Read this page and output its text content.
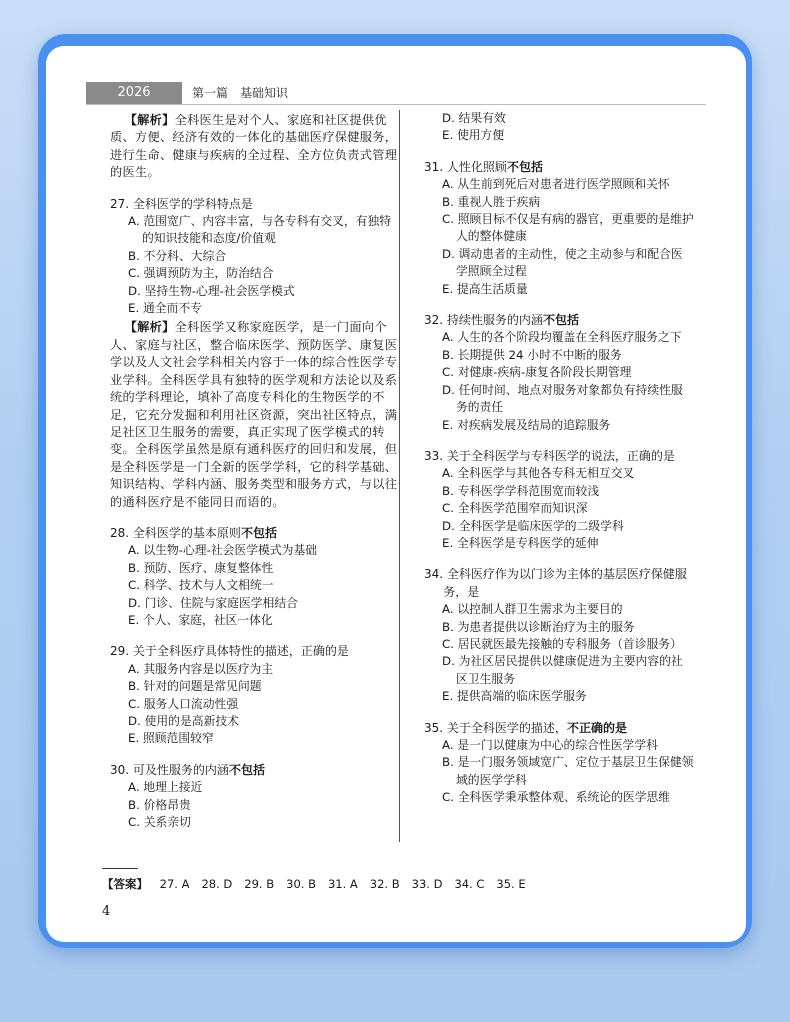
2026	第一篇　基础知识
【解析】全科医生是对个人、家庭和社区提供优质、方便、经济有效的一体化的基础医疗保健服务，进行生命、健康与疾病的全过程、全方位负责式管理的医生。
27. 全科医学的学科特点是
A. 范围宽广、内容丰富，与各专科有交叉，有独特的知识技能和态度/价值观
B. 不分科、大综合
C. 强调预防为主，防治结合
D. 坚持生物-心理-社会医学模式
E. 通全而不专
【解析】全科医学又称家庭医学，是一门面向个人、家庭与社区，整合临床医学、预防医学、康复医学以及人文社会学科相关内容于一体的综合性医学专业学科。全科医学具有独特的医学观和方法论以及系统的学科理论，填补了高度专科化的生物医学的不足，它充分发掘和利用社区资源，突出社区特点，满足社区卫生服务的需要，真正实现了医学模式的转变。全科医学虽然是原有通科医疗的回归和发展，但是全科医学是一门全新的医学学科，它的科学基础、知识结构、学科内涵、服务类型和服务方式，与以往的通科医疗是不能同日而语的。
28. 全科医学的基本原则不包括
A. 以生物-心理-社会医学模式为基础
B. 预防、医疗、康复整体性
C. 科学、技术与人文相统一
D. 门诊、住院与家庭医学相结合
E. 个人、家庭，社区一体化
29. 关于全科医疗具体特性的描述，正确的是
A. 其服务内容是以医疗为主
B. 针对的问题是常见问题
C. 服务人口流动性强
D. 使用的是高新技术
E. 照顾范围较窄
30. 可及性服务的内涵不包括
A. 地理上接近
B. 价格昂贵
C. 关系亲切
D. 结果有效
E. 使用方便
31. 人性化照顾不包括
A. 从生前到死后对患者进行医学照顾和关怀
B. 重视人胜于疾病
C. 照顾目标不仅是有病的器官，更重要的是维护人的整体健康
D. 调动患者的主动性，使之主动参与和配合医学照顾全过程
E. 提高生活质量
32. 持续性服务的内涵不包括
A. 人生的各个阶段均覆盖在全科医疗服务之下
B. 长期提供 24 小时不中断的服务
C. 对健康-疾病-康复各阶段长期管理
D. 任何时间、地点对服务对象都负有持续性服务的责任
E. 对疾病发展及结局的追踪服务
33. 关于全科医学与专科医学的说法，正确的是
A. 全科医学与其他各专科无相互交叉
B. 专科医学学科范围宽而较浅
C. 全科医学范围窄而知识深
D. 全科医学是临床医学的二级学科
E. 全科医学是专科医学的延伸
34. 全科医疗作为以门诊为主体的基层医疗保健服务，是
A. 以控制人群卫生需求为主要目的
B. 为患者提供以诊断治疗为主的服务
C. 居民就医最先接触的专科服务（首诊服务）
D. 为社区居民提供以健康促进为主要内容的社区卫生服务
E. 提供高端的临床医学服务
35. 关于全科医学的描述，不正确的是
A. 是一门以健康为中心的综合性医学学科
B. 是一门服务领域宽广、定位于基层卫生保健领域的医学学科
C. 全科医学秉承整体观、系统论的医学思维
【答案】 27. A 28. D 29. B 30. B 31. A 32. B 33. D 34. C 35. E
4
